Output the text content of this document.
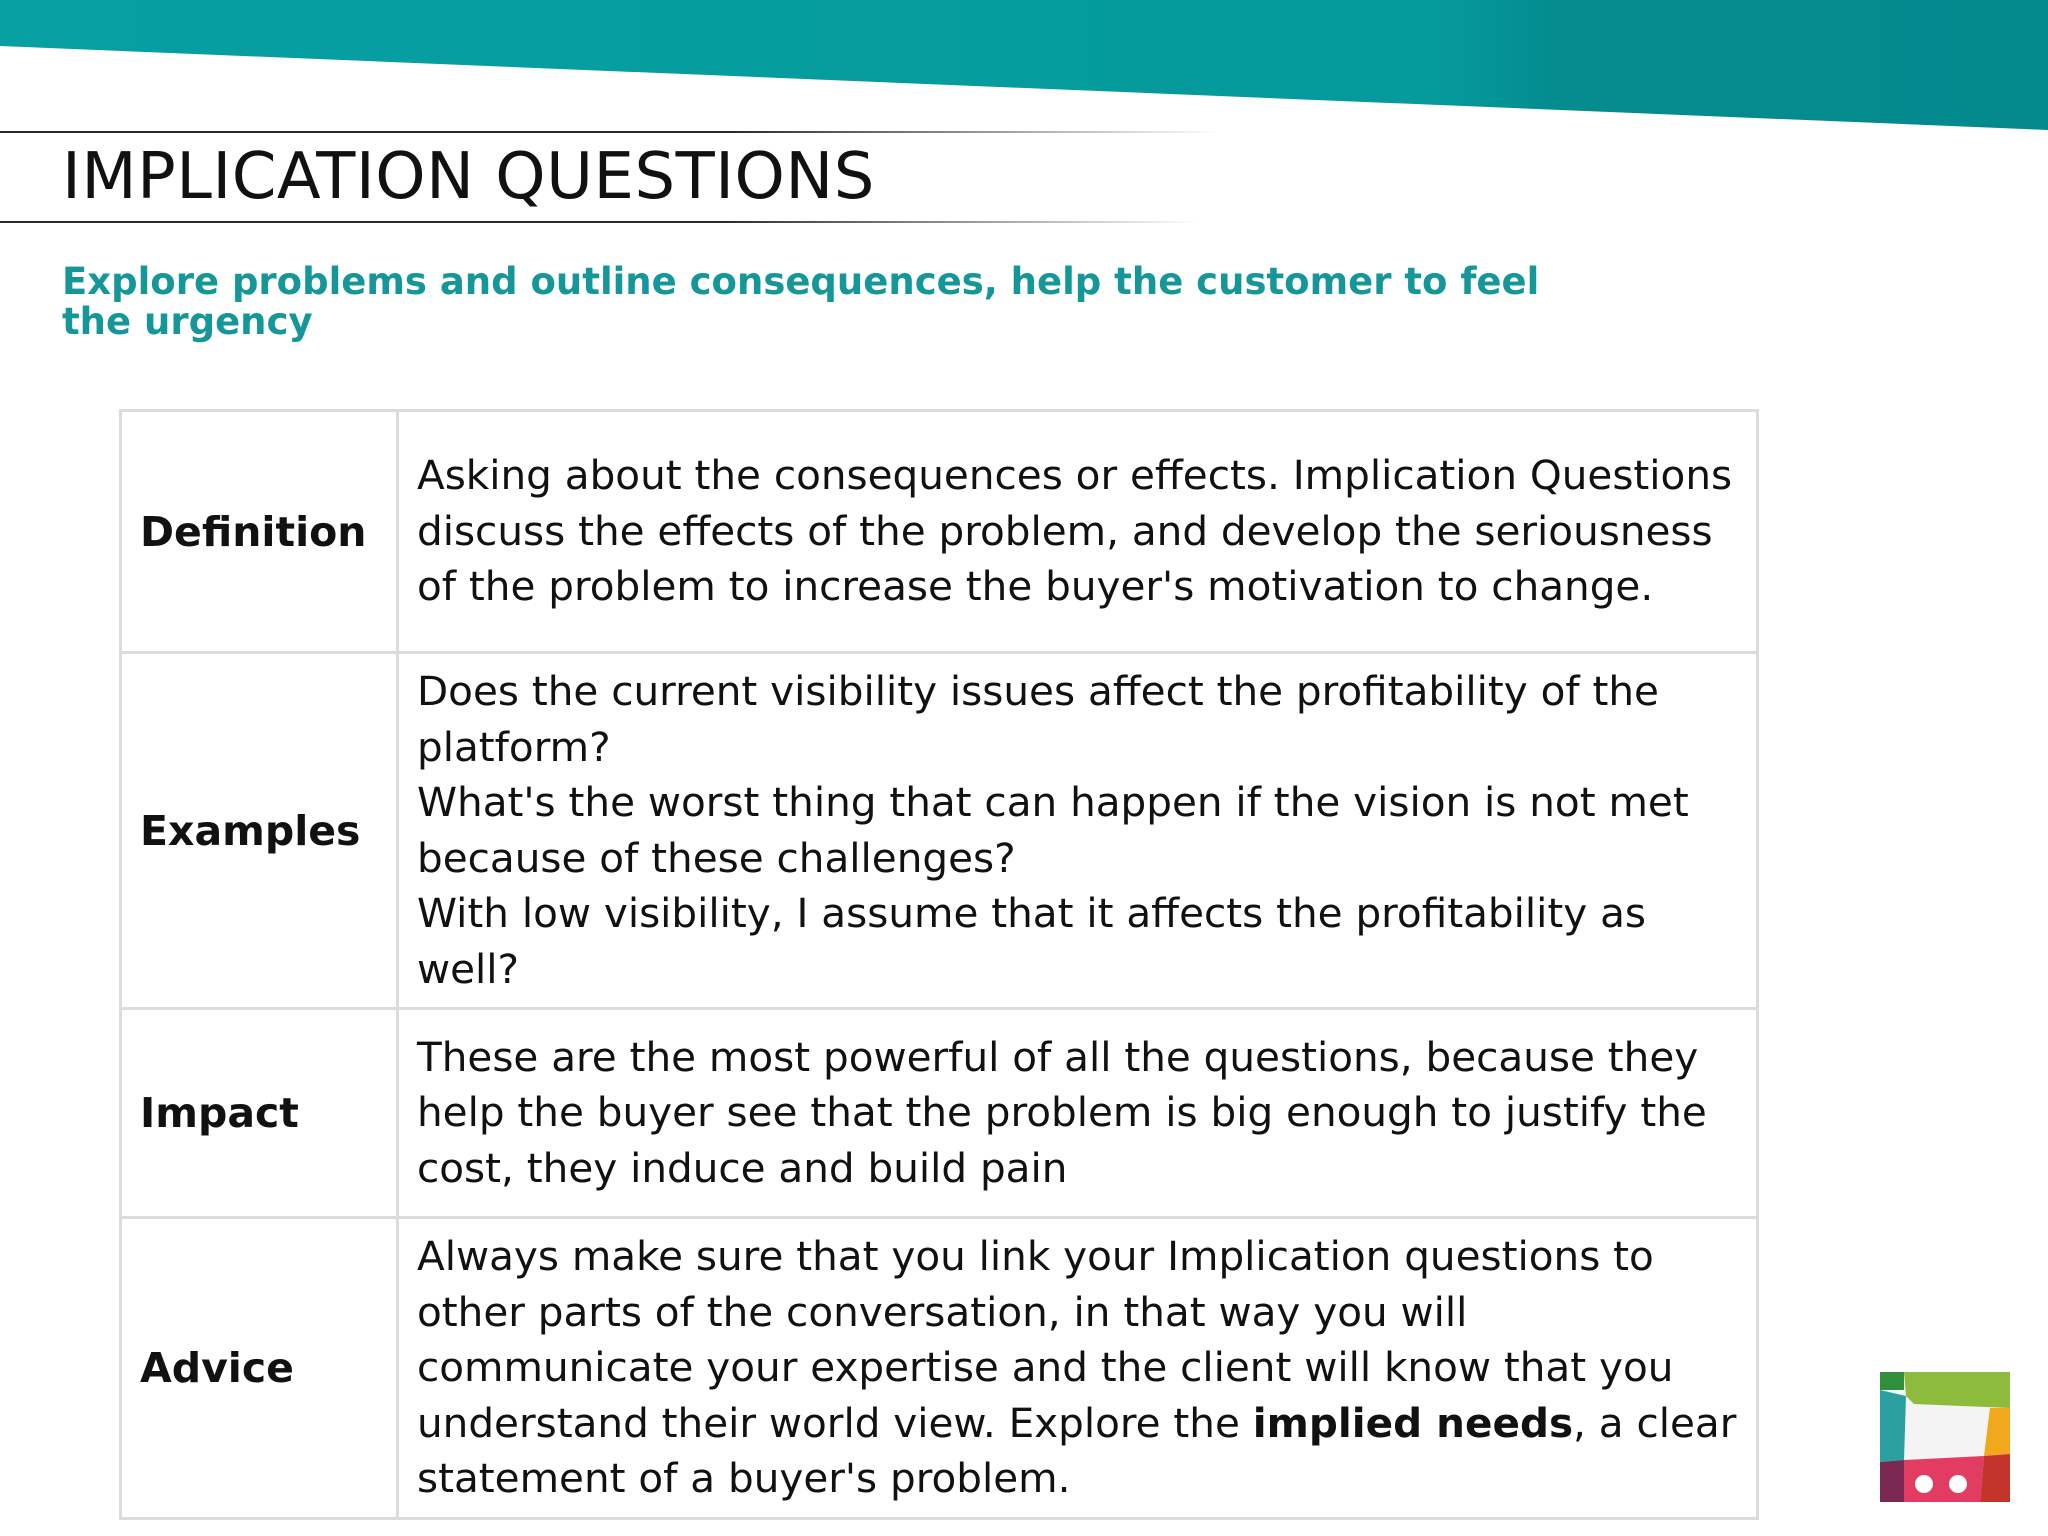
IMPLICATION QUESTIONS
Explore problems and outline consequences, help the customer to feel the urgency
Definition	Asking about the consequences or effects. Implication Questions discuss the effects of the problem, and develop the seriousness of the problem to increase the buyer's motivation to change.

Examples	Does the current visibility issues affect the profitability of the platform?
What's the worst thing that can happen if the vision is not met because of these challenges?
With low visibility, I assume that it affects the profitability as well?

Impact	These are the most powerful of all the questions, because they help the buyer see that the problem is big enough to justify the cost, they induce and build pain

Advice	Always make sure that you link your Implication questions to other parts of the conversation, in that way you will communicate your expertise and the client will know that you understand their world view. Explore the implied needs, a clear statement of a buyer's problem.
